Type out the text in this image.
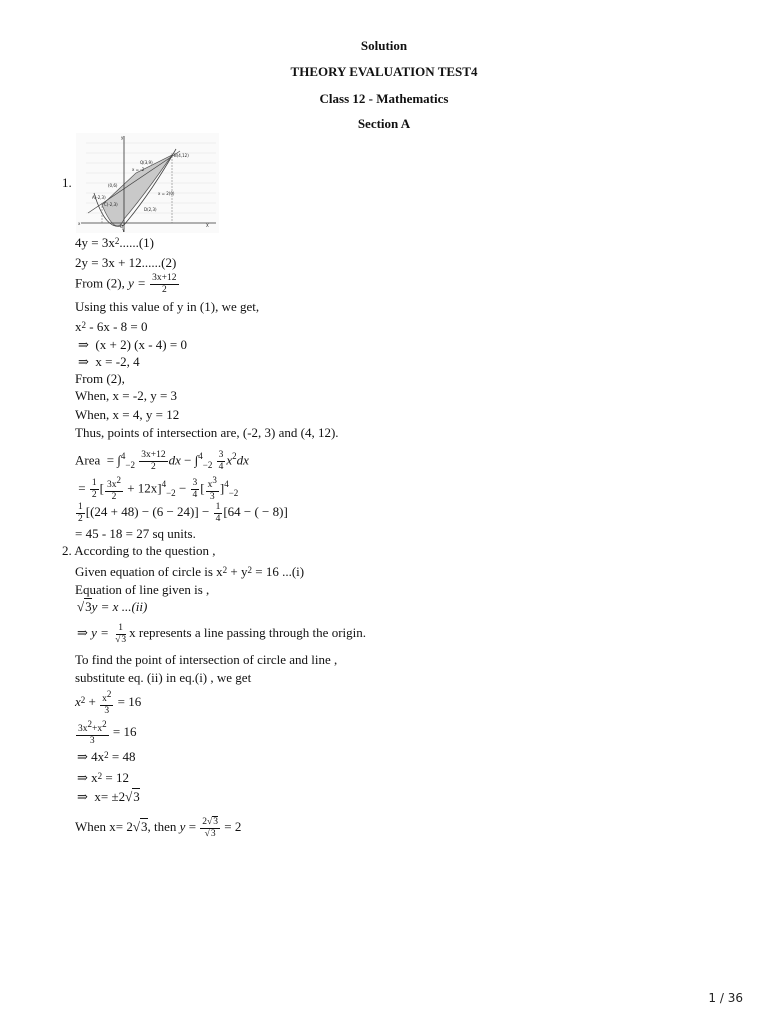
Solution
THEORY EVALUATION TEST4
Class 12 - Mathematics
Section A
1.
y
x	X
Y
B(4,12)
Q(3,9)
C(-2,3)
A(-2,3)
D(2,3)
(0,6)
O
x = -2
x = 2(0)
$4y = 3x^2......(1)$
2y = 3x + 12......(2)
From (2), $y = \frac{3x+12}{2}$
Using this value of y in (1), we get,
$x^2 - 6x - 8 = 0$
⇒  (x + 2) (x - 4) = 0
⇒  x = -2, 4
From (2),
When, x = -2, y = 3
When, x = 4, y = 12
Thus, points of intersection are, (-2, 3) and (4, 12).
Area  = $\int^4_{-2} \frac{3x+12}{2}$ dx − $\int^4_{-2} \frac{3}{4} x^2dx$
= $\frac{1}{2}$ [ $\frac{3x^2}{2} + 12x]^4_{-2} - \frac{3}{4}$ [ $\frac{x^3}{3} ]^4_{-2}$
$\frac{1}{2} [(24 + 48) - (6 - 24)] - \frac{1}{4} [64$ − ( − 8)]
= 45 - 18 = 27 sq units.
2. According to the question ,
Given equation of circle is $x^2 + y^2 = 16$ ...(i)
Equation of line given is ,
√3y = x ...(ii)
⇒ $y = \frac{1}{√3}$ x represents a line passing through the origin.
To find the point of intersection of circle and line ,
substitute eq. (ii) in eq.(i) , we get
$x^2 + \frac{x^2}{3} = 16$
$\frac{3x^2+x^2}{3} = 16$
⇒ $4x^2 = 48$
⇒ $x^2 = 12$
⇒  x= ±2√3
When x= 2√3, then $y = \frac{2√3}{√3} = 2$
1 / 36
